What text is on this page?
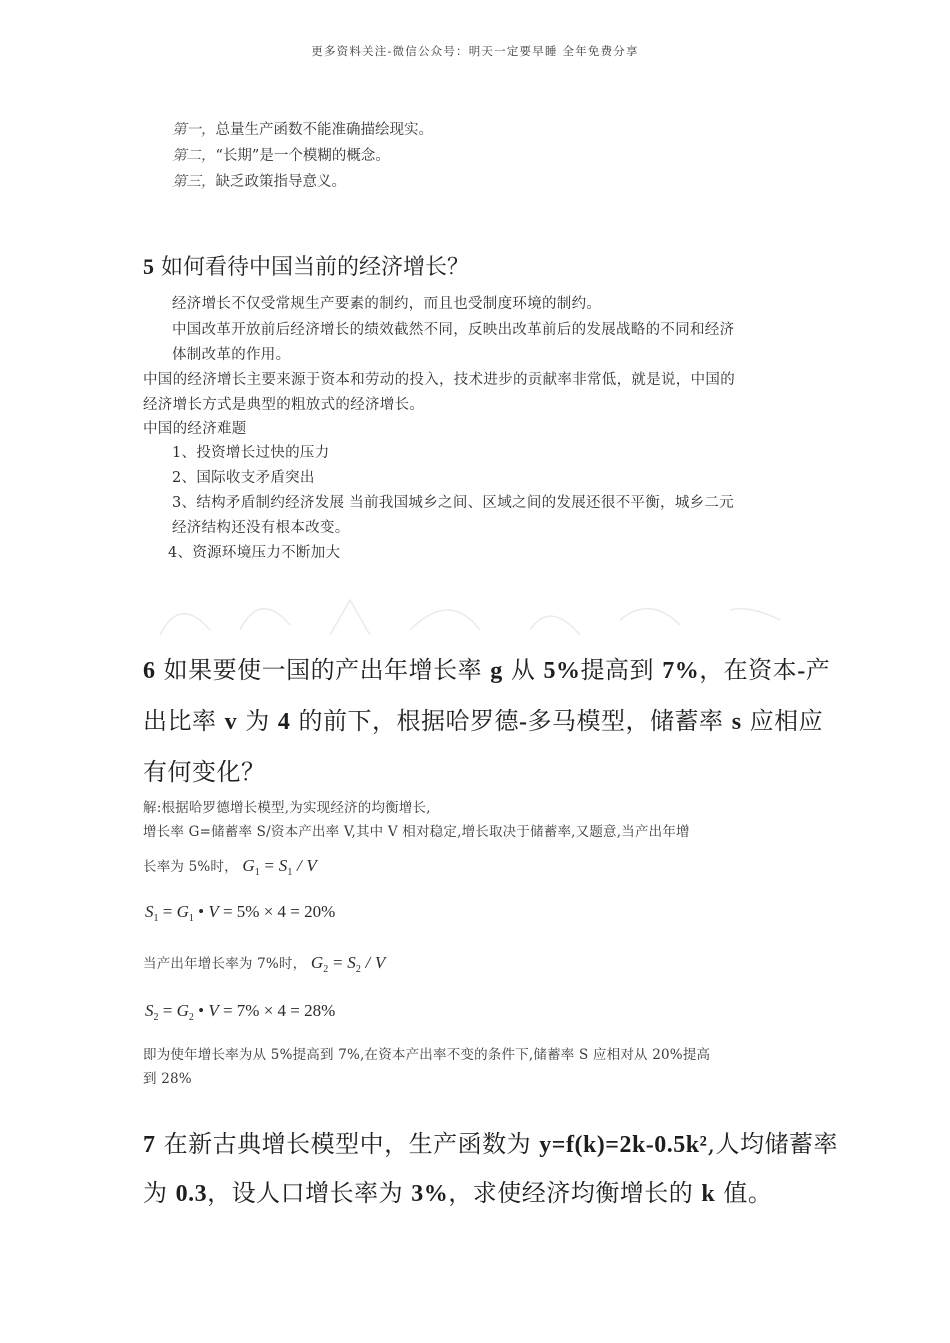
更多资料关注-微信公众号：明天一定要早睡 全年免费分享
第一，总量生产函数不能准确描绘现实。
第二，“长期”是一个模糊的概念。
第三，缺乏政策指导意义。
5 如何看待中国当前的经济增长？
经济增长不仅受常规生产要素的制约，而且也受制度环境的制约。
中国改革开放前后经济增长的绩效截然不同，反映出改革前后的发展战略的不同和经济
体制改革的作用。
中国的经济增长主要来源于资本和劳动的投入，技术进步的贡献率非常低，就是说，中国的
经济增长方式是典型的粗放式的经济增长。
中国的经济难题
1、投资增长过快的压力
2、国际收支矛盾突出
3、结构矛盾制约经济发展 当前我国城乡之间、区域之间的发展还很不平衡，城乡二元
经济结构还没有根本改变。
4、资源环境压力不断加大
6 如果要使一国的产出年增长率 g 从 5%提高到 7%，在资本-产
出比率 v 为 4 的前下，根据哈罗德-多马模型，储蓄率 s 应相应
有何变化？
解:根据哈罗德增长模型,为实现经济的均衡增长,
增长率 G=储蓄率 S/资本产出率 V,其中 V 相对稳定,增长取决于储蓄率,又题意,当产出年增
长率为 5%时， $G_1 = S_1 / V$
$S_1 = G_1$ • V = 5% × 4 = 20%
当产出年增长率为 7%时， $G_2 = S_2 / V$
$S_2 = G_2$ • V = 7% × 4 = 28%
即为使年增长率为从 5%提高到 7%,在资本产出率不变的条件下,储蓄率 S 应相对从 20%提高
到 28%
7 在新古典增长模型中，生产函数为 y=f(k)=2k-0.5k²,人均储蓄率
为 0.3，设人口增长率为 3%，求使经济均衡增长的 k 值。
